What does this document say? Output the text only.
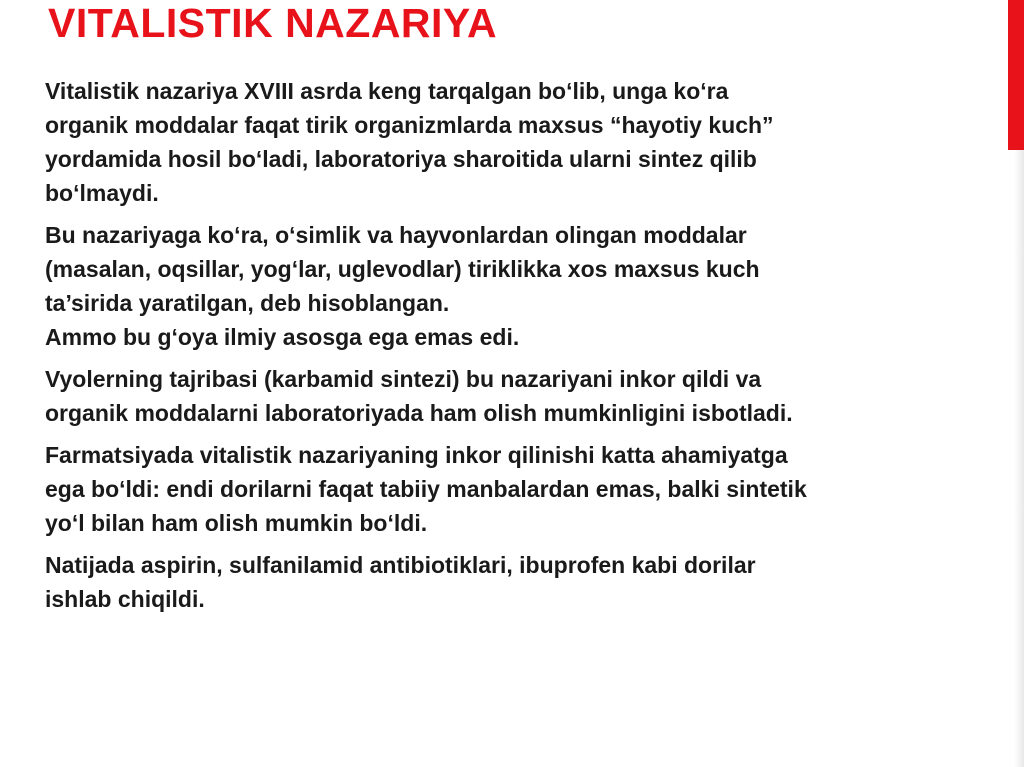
VITALISTIK NAZARIYA

Vitalistik nazariya XVIII asrda keng tarqalgan bo‘lib, unga ko‘ra
organik moddalar faqat tirik organizmlarda maxsus “hayotiy kuch”
yordamida hosil bo‘ladi, laboratoriya sharoitida ularni sintez qilib
bo‘lmaydi.

Bu nazariyaga ko‘ra, o‘simlik va hayvonlardan olingan moddalar
(masalan, oqsillar, yog‘lar, uglevodlar) tiriklikka xos maxsus kuch
ta’sirida yaratilgan, deb hisoblangan.
Ammo bu g‘oya ilmiy asosga ega emas edi.

Vyolerning tajribasi (karbamid sintezi) bu nazariyani inkor qildi va
organik moddalarni laboratoriyada ham olish mumkinligini isbotladi.

Farmatsiyada vitalistik nazariyaning inkor qilinishi katta ahamiyatga
ega bo‘ldi: endi dorilarni faqat tabiiy manbalardan emas, balki sintetik
yo‘l bilan ham olish mumkin bo‘ldi.

Natijada aspirin, sulfanilamid antibiotiklari, ibuprofen kabi dorilar
ishlab chiqildi.
